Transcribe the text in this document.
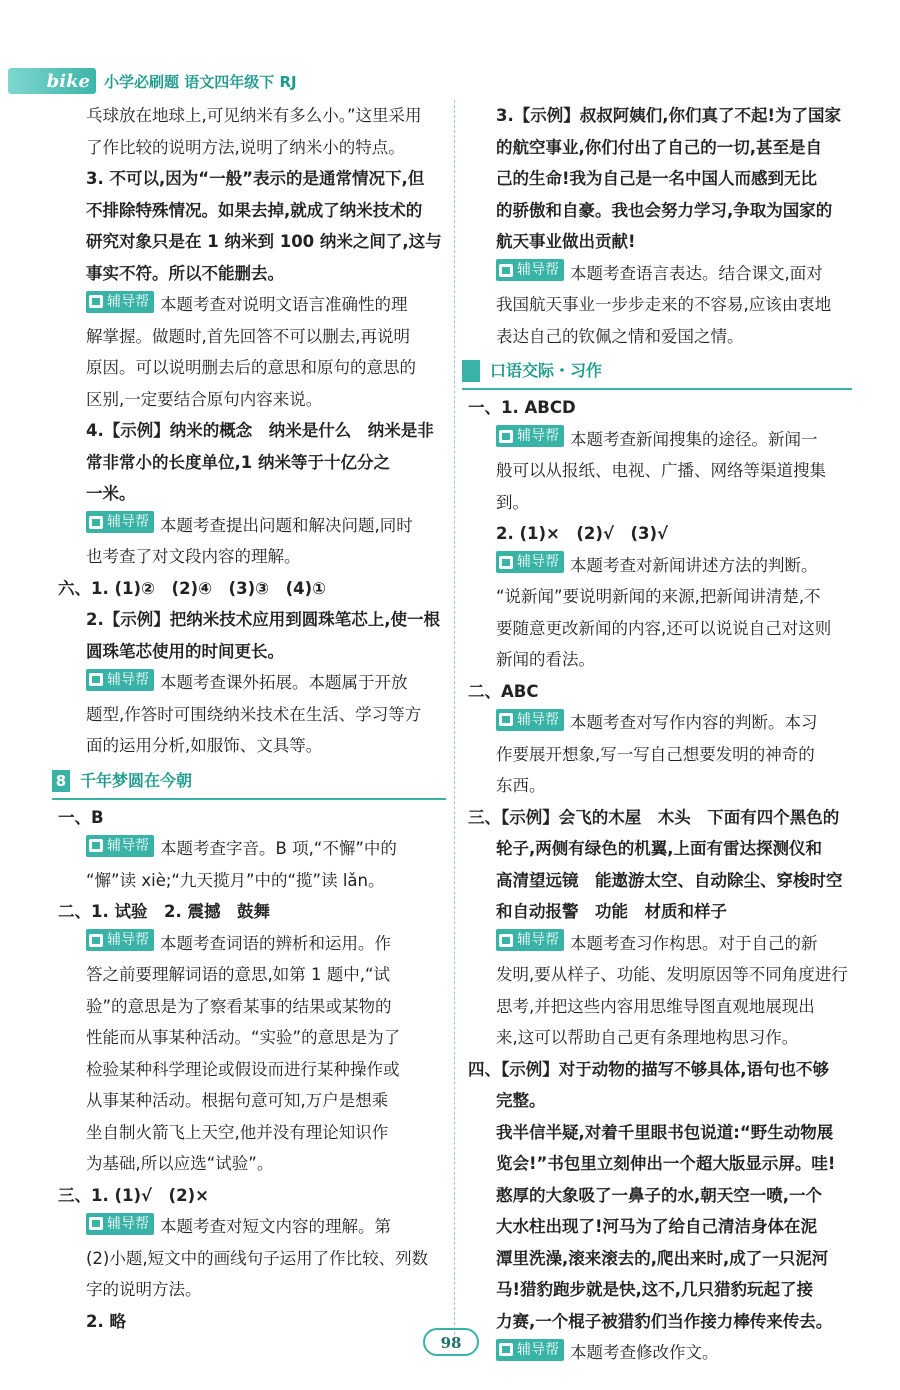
bike 小学必刷题 语文四年级下 RJ

乓球放在地球上,可见纳米有多么小。”这里采用

了作比较的说明方法,说明了纳米小的特点。

3. 不可以,因为“一般”表示的是通常情况下,但

不排除特殊情况。如果去掉,就成了纳米技术的

研究对象只是在 1 纳米到 100 纳米之间了,这与

事实不符。所以不能删去。

辅导帮 本题考查对说明文语言准确性的理

解掌握。做题时,首先回答不可以删去,再说明

原因。可以说明删去后的意思和原句的意思的

区别,一定要结合原句内容来说。

4.【示例】纳米的概念　纳米是什么　纳米是非

常非常小的长度单位,1 纳米等于十亿分之

一米。

辅导帮 本题考查提出问题和解决问题,同时

也考查了对文段内容的理解。

六、1. (1)②　(2)④　(3)③　(4)①

2.【示例】把纳米技术应用到圆珠笔芯上,使一根

圆珠笔芯使用的时间更长。

辅导帮 本题考查课外拓展。本题属于开放

题型,作答时可围绕纳米技术在生活、学习等方

面的运用分析,如服饰、文具等。

8 千年梦圆在今朝

一、B

辅导帮 本题考查字音。B 项,“不懈”中的

“懈”读 xiè;“九天揽月”中的“揽”读 lǎn。

二、1. 试验　2. 震撼　鼓舞

辅导帮 本题考查词语的辨析和运用。作

答之前要理解词语的意思,如第 1 题中,“试

验”的意思是为了察看某事的结果或某物的

性能而从事某种活动。“实验”的意思是为了

检验某种科学理论或假设而进行某种操作或

从事某种活动。根据句意可知,万户是想乘

坐自制火箭飞上天空,他并没有理论知识作

为基础,所以应选“试验”。

三、1. (1)√　(2)×

辅导帮 本题考查对短文内容的理解。第

(2)小题,短文中的画线句子运用了作比较、列数

字的说明方法。

2. 略

3.【示例】叔叔阿姨们,你们真了不起!为了国家

的航空事业,你们付出了自己的一切,甚至是自

己的生命!我为自己是一名中国人而感到无比

的骄傲和自豪。我也会努力学习,争取为国家的

航天事业做出贡献!

辅导帮 本题考查语言表达。结合课文,面对

我国航天事业一步步走来的不容易,应该由衷地

表达自己的钦佩之情和爱国之情。

口语交际・习作

一、1. ABCD

辅导帮 本题考查新闻搜集的途径。新闻一

般可以从报纸、电视、广播、网络等渠道搜集到。

2. (1)×　(2)√　(3)√

辅导帮 本题考查对新闻讲述方法的判断。

“说新闻”要说明新闻的来源,把新闻讲清楚,不

要随意更改新闻的内容,还可以说说自己对这则

新闻的看法。

二、ABC

辅导帮 本题考查对写作内容的判断。本习

作要展开想象,写一写自己想要发明的神奇的

东西。

三、【示例】会飞的木屋　木头　下面有四个黑色的

轮子,两侧有绿色的机翼,上面有雷达探测仪和

高清望远镜　能遨游太空、自动除尘、穿梭时空

和自动报警　功能　材质和样子

辅导帮 本题考查习作构思。对于自己的新

发明,要从样子、功能、发明原因等不同角度进行

思考,并把这些内容用思维导图直观地展现出

来,这可以帮助自己更有条理地构思习作。

四、【示例】对于动物的描写不够具体,语句也不够

完整。

我半信半疑,对着千里眼书包说道:“野生动物展

览会!”书包里立刻伸出一个超大版显示屏。哇!

憨厚的大象吸了一鼻子的水,朝天空一喷,一个

大水柱出现了!河马为了给自己清洁身体在泥

潭里洗澡,滚来滚去的,爬出来时,成了一只泥河

马!猎豹跑步就是快,这不,几只猎豹玩起了接

力赛,一个棍子被猎豹们当作接力棒传来传去。

辅导帮 本题考查修改作文。

98
